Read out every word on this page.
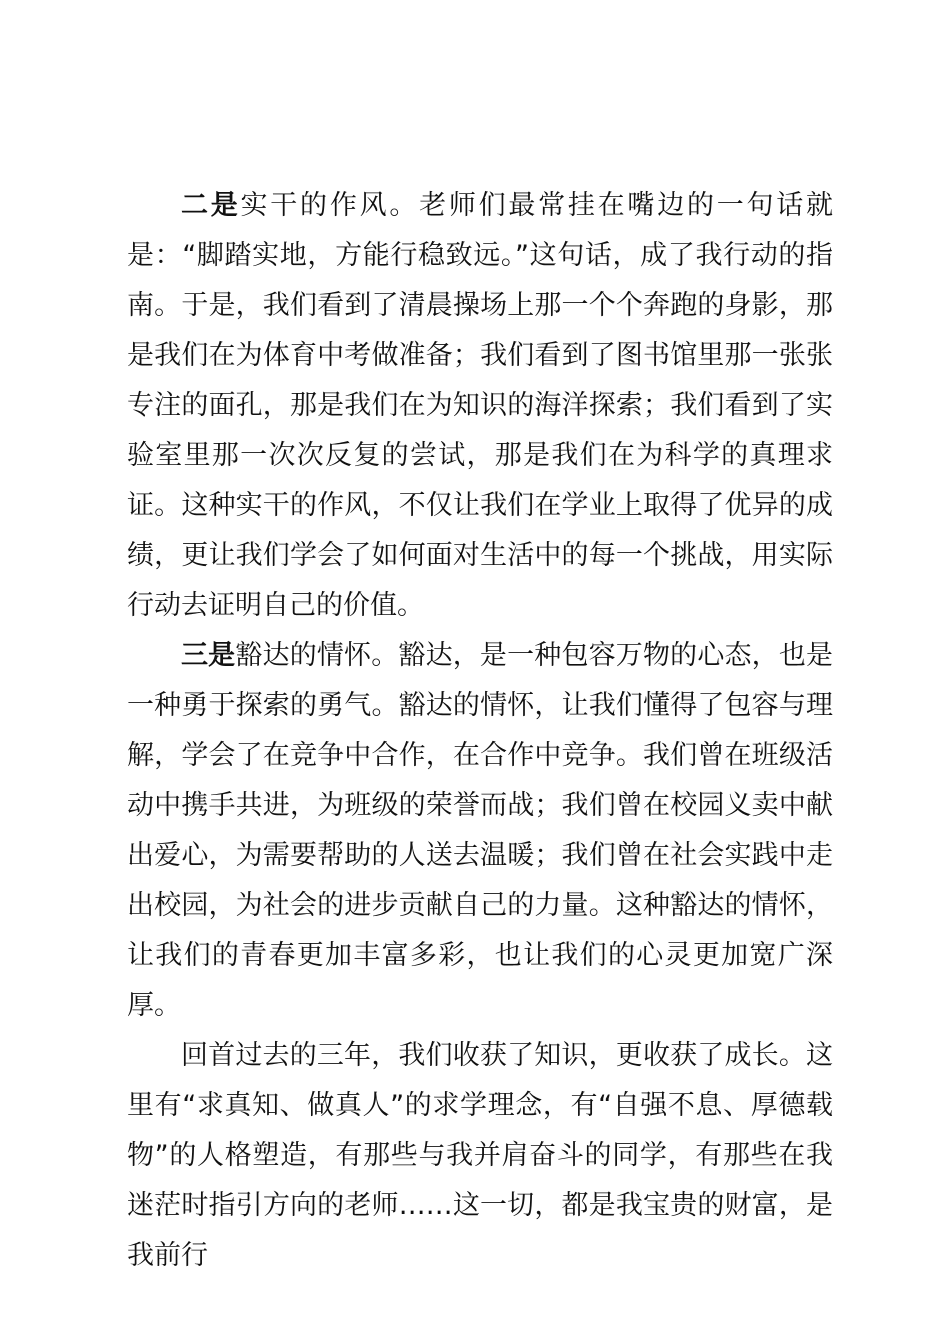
二是实干的作风。老师们最常挂在嘴边的一句话就是：“脚踏实地，方能行稳致远。”这句话，成了我行动的指南。于是，我们看到了清晨操场上那一个个奔跑的身影，那是我们在为体育中考做准备；我们看到了图书馆里那一张张专注的面孔，那是我们在为知识的海洋探索；我们看到了实验室里那一次次反复的尝试，那是我们在为科学的真理求证。这种实干的作风，不仅让我们在学业上取得了优异的成绩，更让我们学会了如何面对生活中的每一个挑战，用实际行动去证明自己的价值。

三是豁达的情怀。豁达，是一种包容万物的心态，也是一种勇于探索的勇气。豁达的情怀，让我们懂得了包容与理解，学会了在竞争中合作，在合作中竞争。我们曾在班级活动中携手共进，为班级的荣誉而战；我们曾在校园义卖中献出爱心，为需要帮助的人送去温暖；我们曾在社会实践中走出校园，为社会的进步贡献自己的力量。这种豁达的情怀，让我们的青春更加丰富多彩，也让我们的心灵更加宽广深厚。

回首过去的三年，我们收获了知识，更收获了成长。这里有“求真知、做真人”的求学理念，有“自强不息、厚德载物”的人格塑造，有那些与我并肩奋斗的同学，有那些在我迷茫时指引方向的老师……这一切，都是我宝贵的财富，是我前行
